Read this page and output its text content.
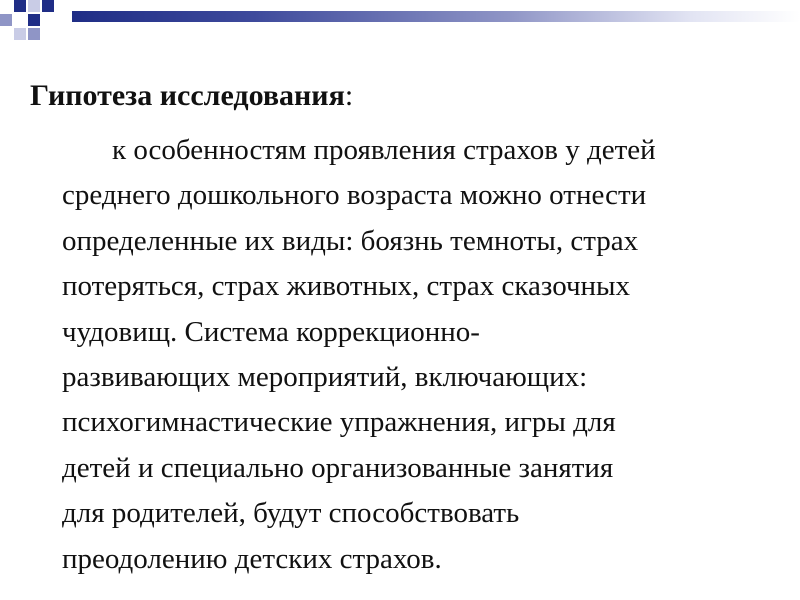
Гипотеза исследования:
к особенностям проявления страхов у детей
среднего дошкольного возраста можно отнести
определенные их виды: боязнь темноты, страх
потеряться, страх животных, страх сказочных
чудовищ. Система коррекционно-
развивающих мероприятий, включающих:
психогимнастические упражнения, игры для
детей и специально организованные занятия
для родителей, будут способствовать
преодолению детских страхов.
